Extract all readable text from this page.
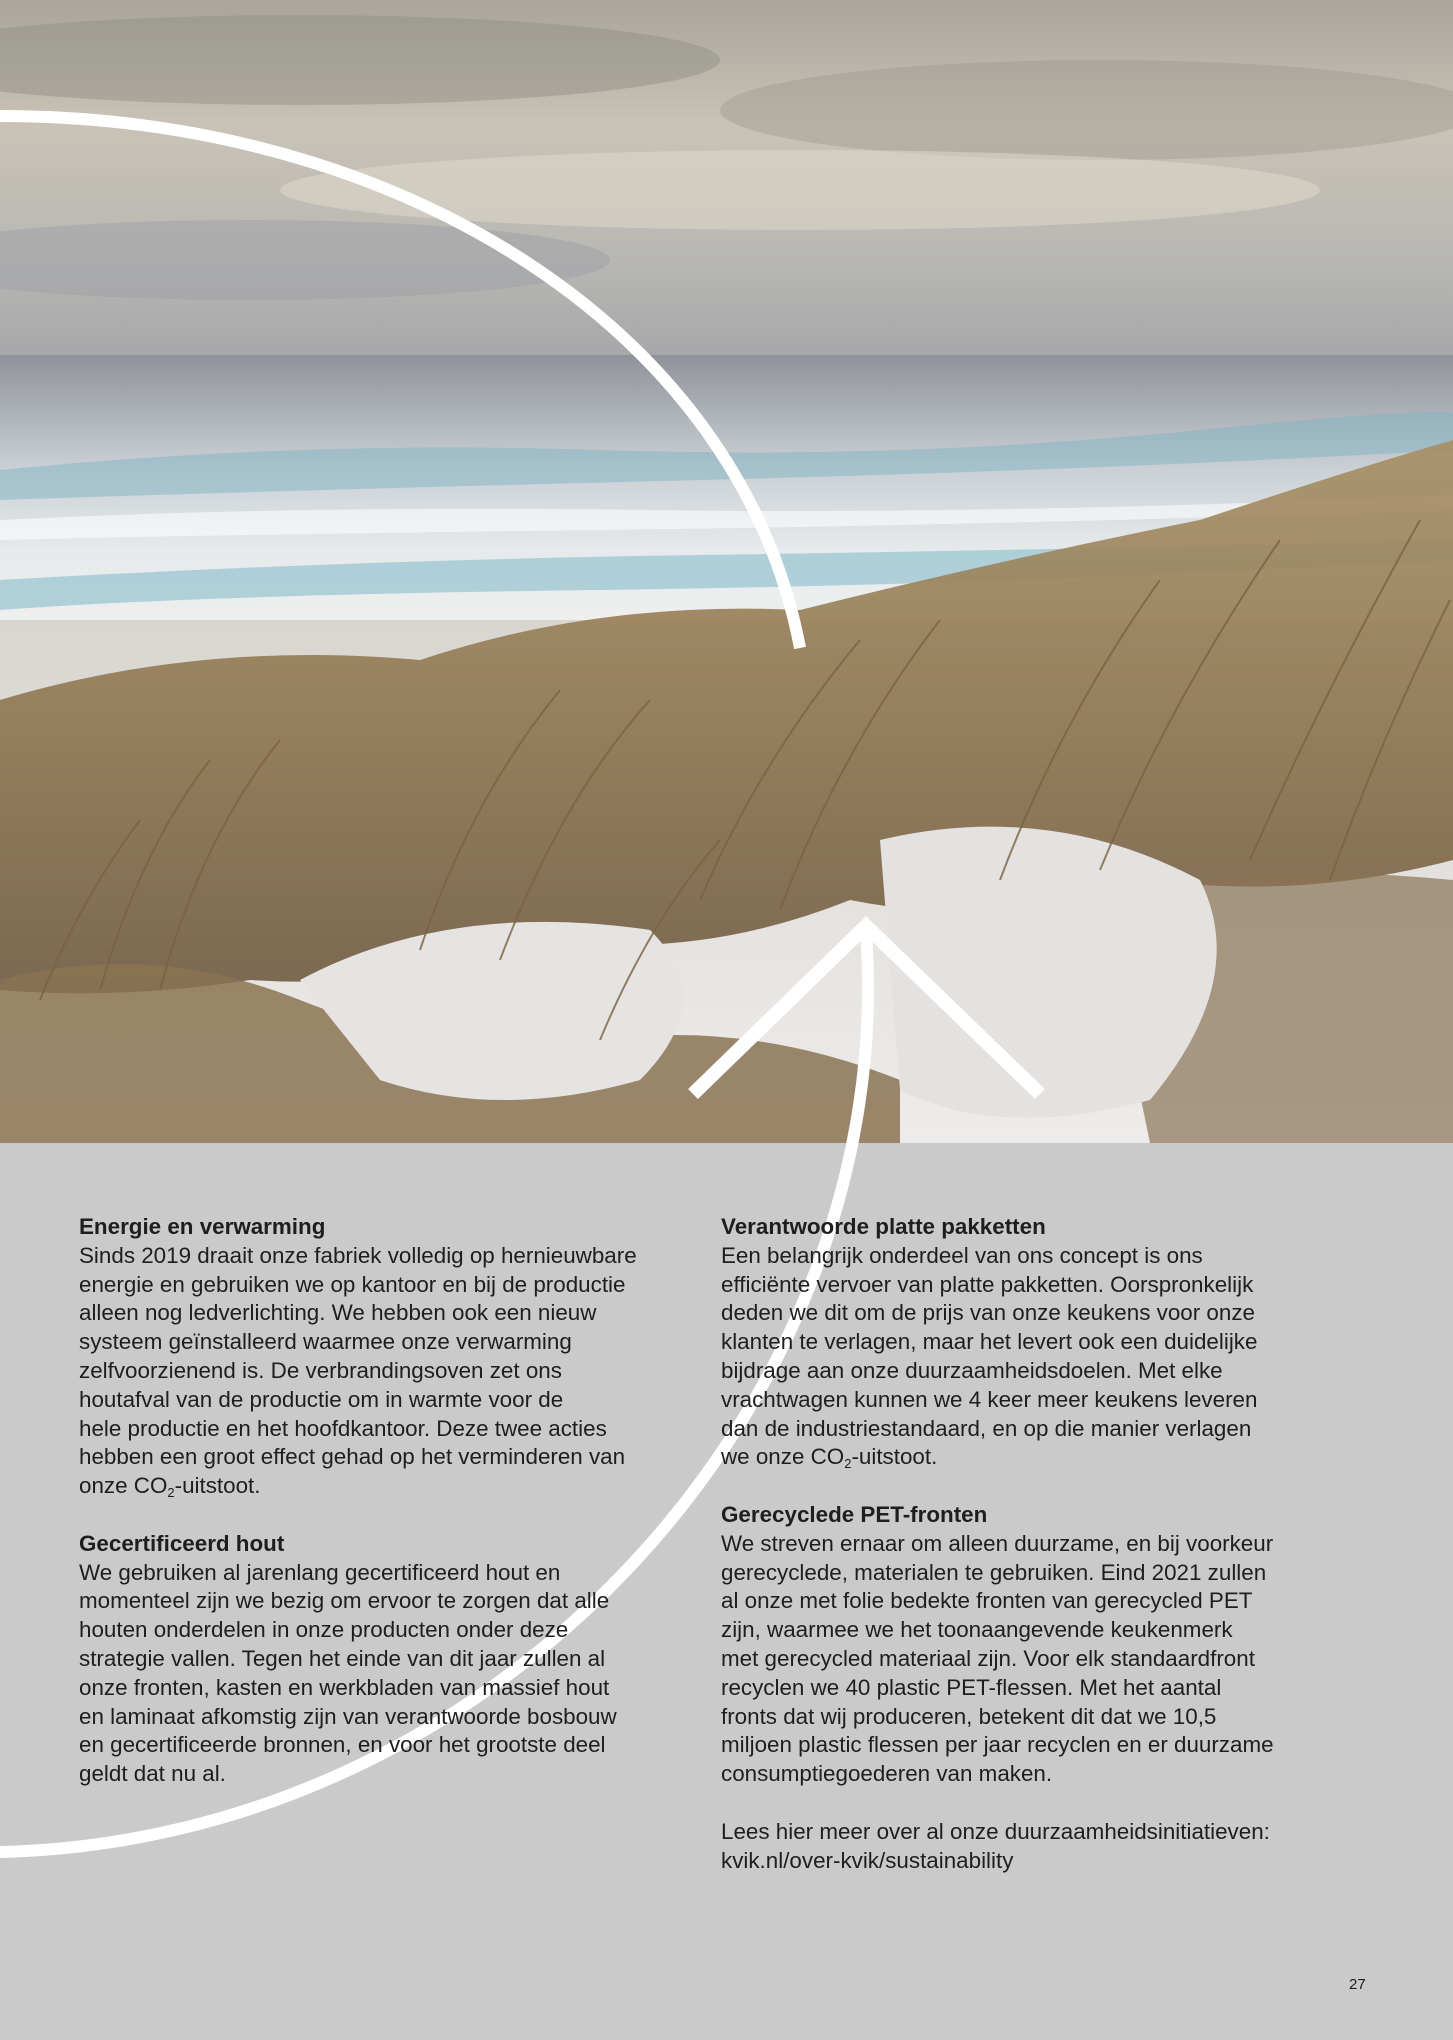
Energie en verwarming

Sinds 2019 draait onze fabriek volledig op hernieuwbare
energie en gebruiken we op kantoor en bij de productie
alleen nog ledverlichting. We hebben ook een nieuw
systeem geïnstalleerd waarmee onze verwarming
zelfvoorzienend is. De verbrandingsoven zet ons
houtafval van de productie om in warmte voor de
hele productie en het hoofdkantoor. Deze twee acties
hebben een groot effect gehad op het verminderen van
onze $CO_2$-uitstoot.

Gecertificeerd hout

We gebruiken al jarenlang gecertificeerd hout en
momenteel zijn we bezig om ervoor te zorgen dat alle
houten onderdelen in onze producten onder deze
strategie vallen. Tegen het einde van dit jaar zullen al
onze fronten, kasten en werkbladen van massief hout
en laminaat afkomstig zijn van verantwoorde bosbouw
en gecertificeerde bronnen, en voor het grootste deel
geldt dat nu al.

Verantwoorde platte pakketten

Een belangrijk onderdeel van ons concept is ons
efficiënte vervoer van platte pakketten. Oorspronkelijk
deden we dit om de prijs van onze keukens voor onze
klanten te verlagen, maar het levert ook een duidelijke
bijdrage aan onze duurzaamheidsdoelen. Met elke
vrachtwagen kunnen we 4 keer meer keukens leveren
dan de industriestandaard, en op die manier verlagen
we onze $CO_2$-uitstoot.

Gerecyclede PET-fronten

We streven ernaar om alleen duurzame, en bij voorkeur
gerecyclede, materialen te gebruiken. Eind 2021 zullen
al onze met folie bedekte fronten van gerecycled PET
zijn, waarmee we het toonaangevende keukenmerk
met gerecycled materiaal zijn. Voor elk standaardfront
recyclen we 40 plastic PET-flessen. Met het aantal
fronts dat wij produceren, betekent dit dat we 10,5
miljoen plastic flessen per jaar recyclen en er duurzame
consumptiegoederen van maken.

Lees hier meer over al onze duurzaamheidsinitiatieven:

kvik.nl/over-kvik/sustainability

27
